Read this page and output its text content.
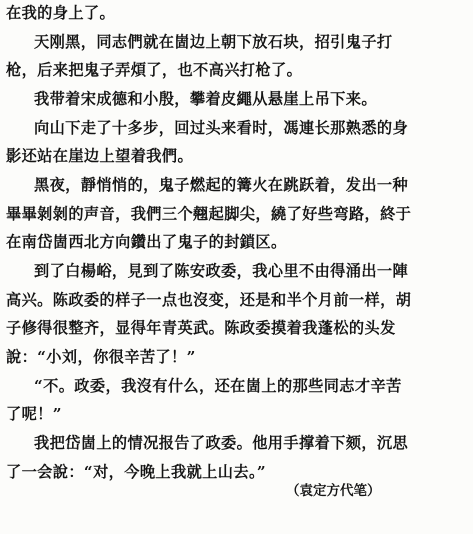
在我的身上了。
天刚黑，同志們就在崮边上朝下放石块，招引鬼子打
枪，后来把鬼子弄煩了，也不高兴打枪了。
我带着宋成德和小殷，攀着皮繩从悬崖上吊下来。
向山下走了十多步，回过头来看时，馮連长那熟悉的身
影还站在崖边上望着我們。
黑夜，靜悄悄的，鬼子燃起的篝火在跳跃着，发出一种
畢畢剝剝的声音，我們三个翹起脚尖，繞了好些弯路，終于
在南岱崮西北方向鑽出了鬼子的封鎖区。
到了白楊峪，見到了陈安政委，我心里不由得涌出一陣
高兴。陈政委的样子一点也沒变，还是和半个月前一样，胡
子修得很整齐，显得年青英武。陈政委摸着我蓬松的头发
說：“小刘，你很辛苦了！”
“不。政委，我沒有什么，还在崮上的那些同志才辛苦
了呢！”
我把岱崮上的情况报告了政委。他用手撑着下颏，沉思
了一会說：“对，今晚上我就上山去。”
（袁定方代笔）
